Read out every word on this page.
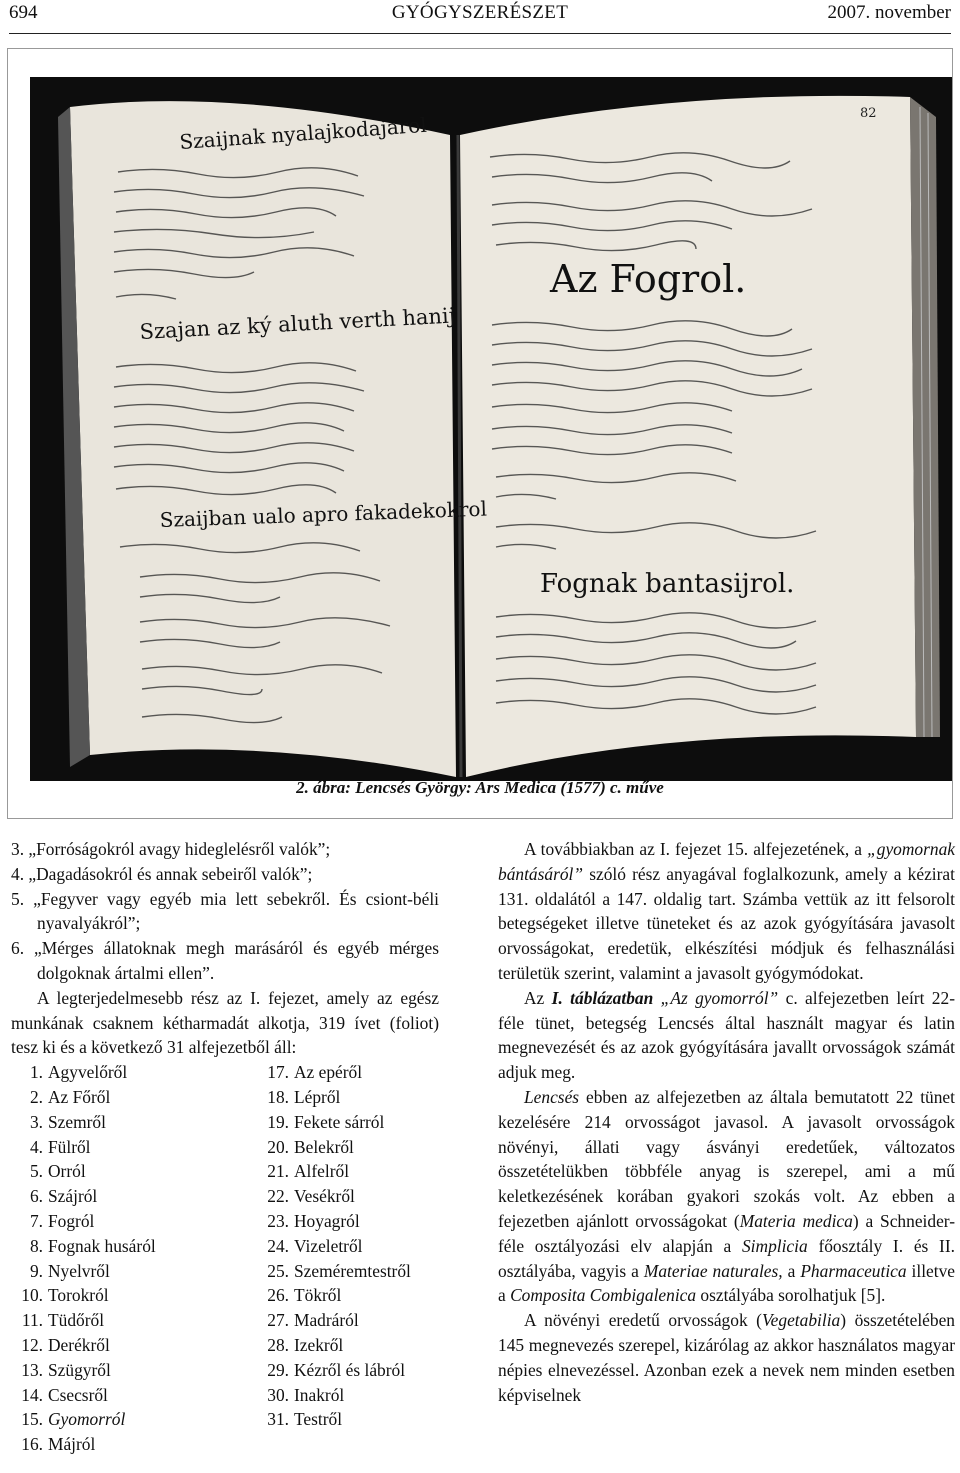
694	GYÓGYSZERÉSZET	2007. november
Szaijnak nyalajkodajarol
Szajan az ký aluth verth hanij
Szaijban ualo apro fakadekokrol
Az Fogrol.
Fognak bantasijrol.
82
2. ábra: Lencsés György: Ars Medica (1577) c. műve

3. „Forróságokról avagy hideglelésről valók”;

4. „Dagadásokról és annak sebeiről valók”;

5. „Fegyver vagy egyéb mia lett sebekről. És csiont-béli nyavalyákról”;

6. „Mérges állatoknak megh marásáról és egyéb mérges dolgoknak ártalmi ellen”.

A legterjedelmesebb rész az I. fejezet, amely az egész munkának csaknem kétharmadát alkotja, 319 ívet (foliot) tesz ki és a következő 31 alfejezetből áll:

1. Agyvelőről
2. Az Főről
3. Szemről
4. Fülről
5. Orról
6. Szájról
7. Fogról
8. Fognak husáról
9. Nyelvről
10. Torokról
11. Tüdőről
12. Derékről
13. Szügyről
14. Csecsről
15. Gyomorról
16. Májról
17. Az epéről
18. Lépről
19. Fekete sárról
20. Belekről
21. Alfelről
22. Vesékről
23. Hoyagról
24. Vizeletről
25. Szeméremtestről
26. Tökről
27. Madráról
28. Izekről
29. Kézről és lábról
30. Inakról
31. Testről

A továbbiakban az I. fejezet 15. alfejezetének, a „gyomornak bántásáról” szóló rész anyagával foglalkozunk, amely a kézirat 131. oldalától a 147. oldalig tart. Számba vettük az itt felsorolt betegségeket illetve tüneteket és az azok gyógyítására javasolt orvosságokat, eredetük, elkészítési módjuk és felhasználási területük szerint, valamint a javasolt gyógymódokat.

Az I. táblázatban „Az gyomorról” c. alfejezetben leírt 22-féle tünet, betegség Lencsés által használt magyar és latin megnevezését és az azok gyógyítására javallt orvosságok számát adjuk meg.

Lencsés ebben az alfejezetben az általa bemutatott 22 tünet kezelésére 214 orvosságot javasol. A javasolt orvosságok növényi, állati vagy ásványi eredetűek, változatos összetételükben többféle anyag is szerepel, ami a mű keletkezésének korában gyakori szokás volt. Az ebben a fejezetben ajánlott orvosságokat (Materia medica) a Schneider-féle osztályozási elv alapján a Simplicia főosztály I. és II. osztályába, vagyis a Materiae naturales, a Pharmaceutica illetve a Composita Combigalenica osztályába sorolhatjuk [5].

A növényi eredetű orvosságok (Vegetabilia) összetételében 145 megnevezés szerepel, kizárólag az akkor használatos magyar népies elnevezéssel. Azonban ezek a nevek nem minden esetben képviselnek
